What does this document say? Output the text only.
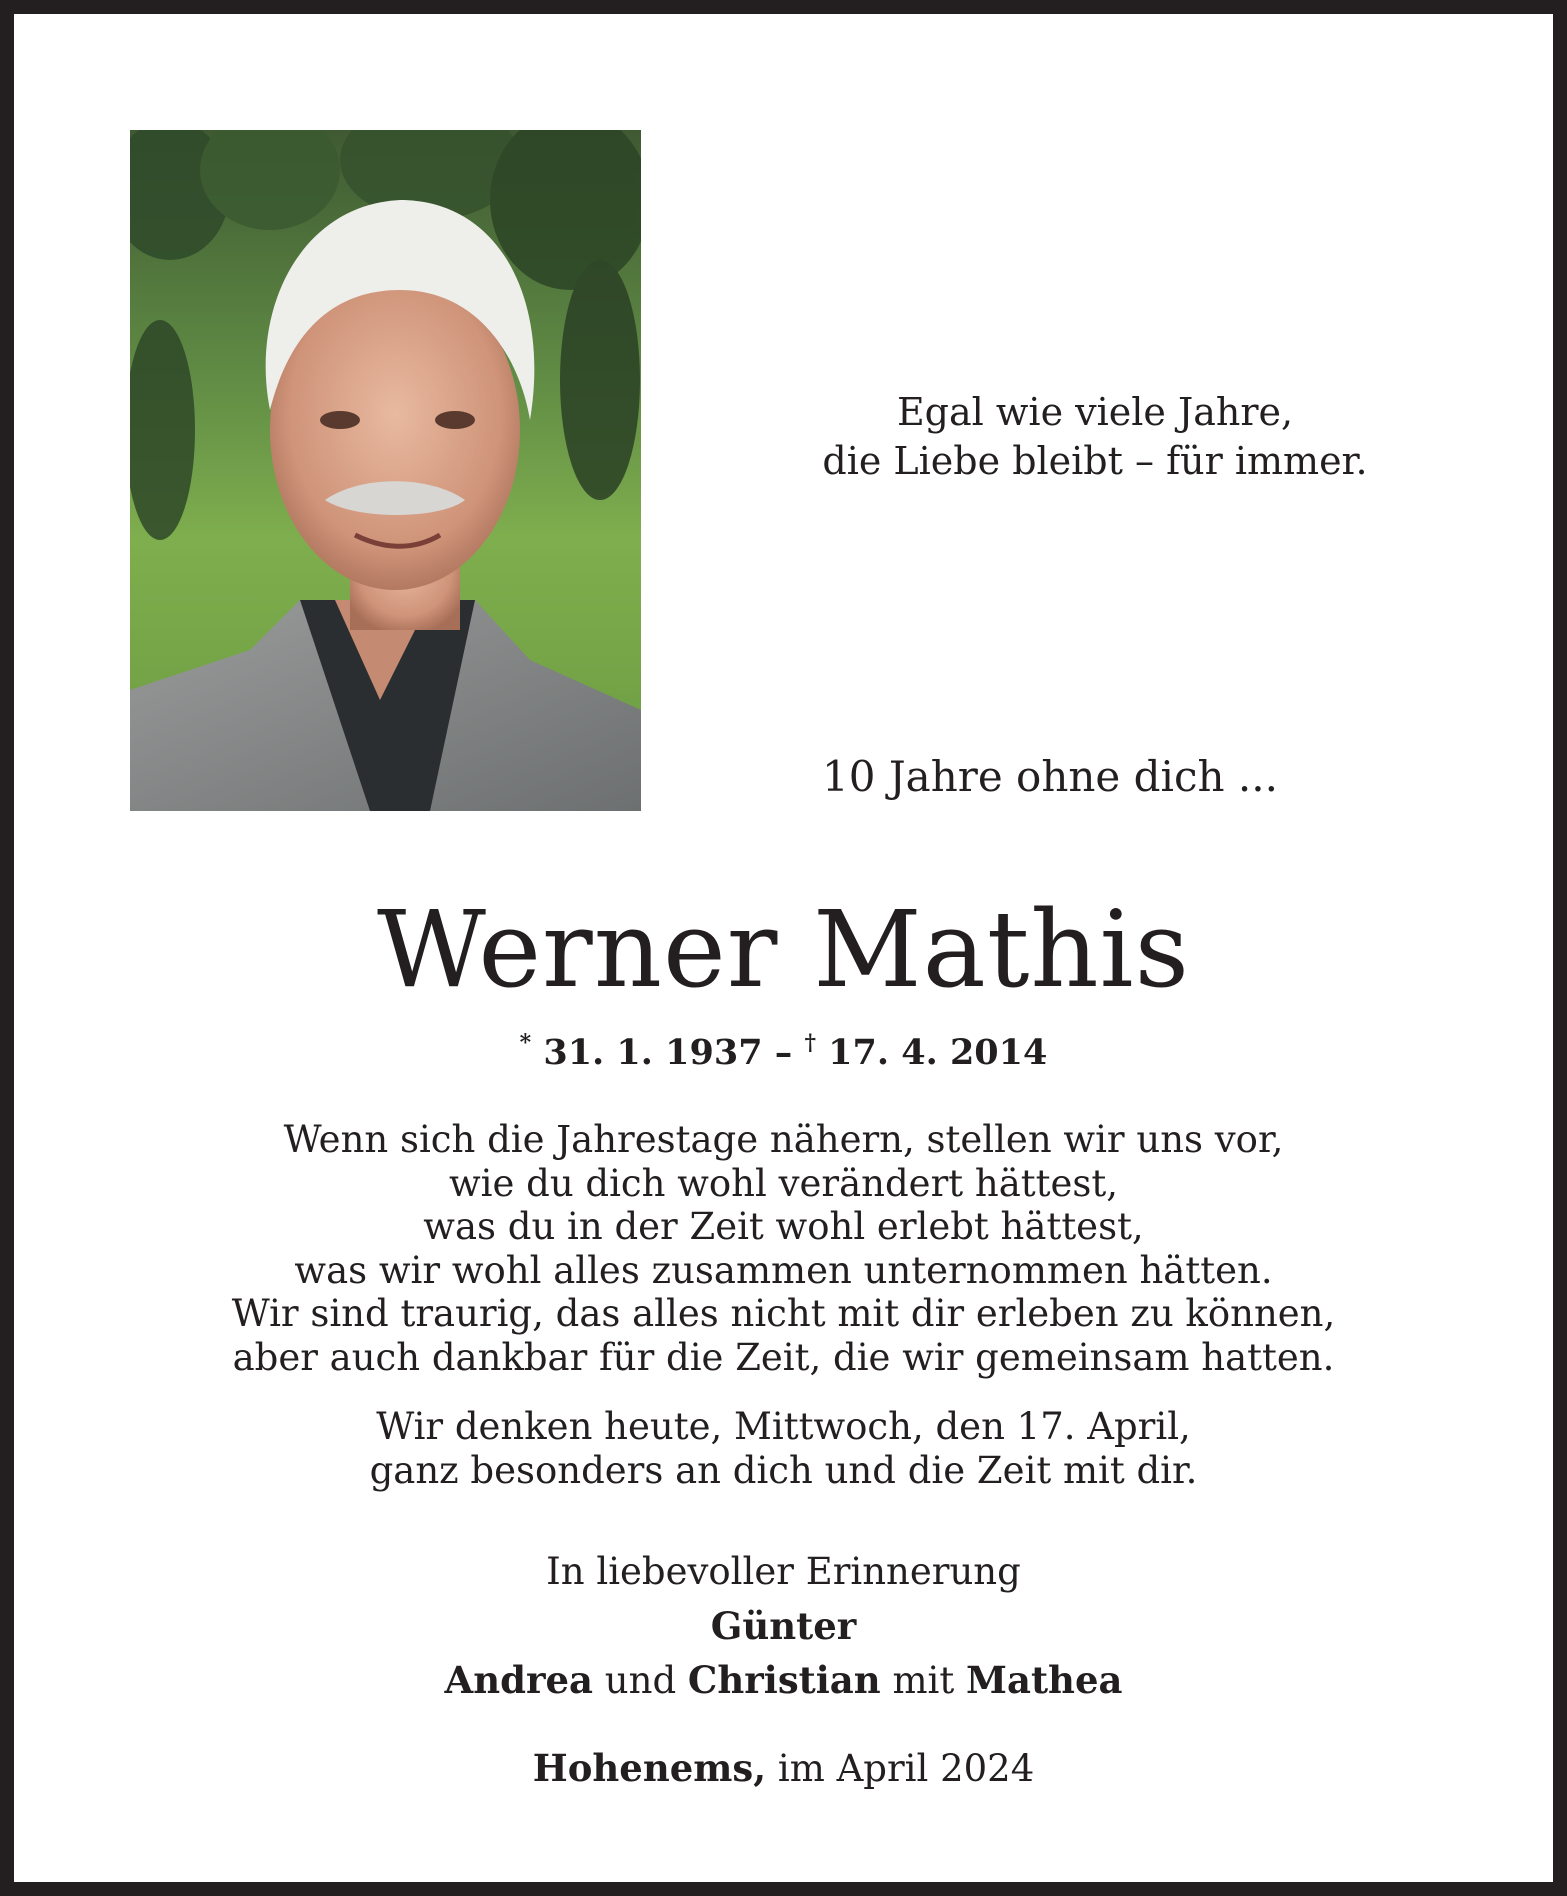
Egal wie viele Jahre,
die Liebe bleibt – für immer.
10 Jahre ohne dich ...
Werner Mathis
* 31. 1. 1937 – † 17. 4. 2014
Wenn sich die Jahrestage nähern, stellen wir uns vor,
wie du dich wohl verändert hättest,
was du in der Zeit wohl erlebt hättest,
was wir wohl alles zusammen unternommen hätten.
Wir sind traurig, das alles nicht mit dir erleben zu können,
aber auch dankbar für die Zeit, die wir gemeinsam hatten.
Wir denken heute, Mittwoch, den 17. April,
ganz besonders an dich und die Zeit mit dir.
In liebevoller Erinnerung
Günter
Andrea und Christian mit Mathea
Hohenems, im April 2024
